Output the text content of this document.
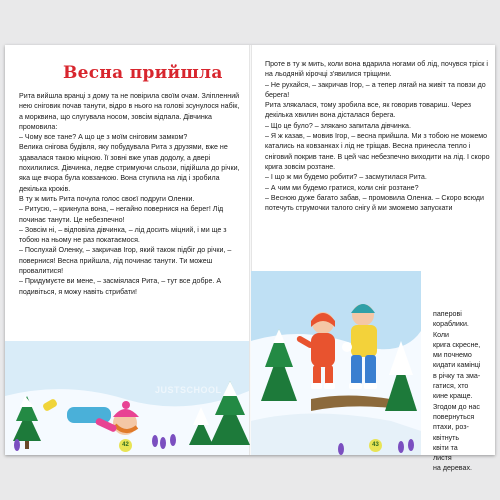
Весна прийшла

Рита вийшла вранці з дому та не повірила своїм очам. Зліпленний нею сніговик почав танути, відро в нього на голові зсунулося набік, а морквина, що слугувала носом, зовсім відпала. Дівчинка промовила:

– Чому все тане? А що це з моїм сніговим замком?

Велика снігова будівля, яку побудувала Рита з друзями, вже не здавалася такою міцною. Її зовні вже упав додолу, а двері похилилися. Дівчинка, ледве стримуючи сльози, підійшла до річки, яка ще вчора була ковзанкою. Вона ступила на лід і зробила декілька кроків.

В ту ж мить Рита почула голос своєї подруги Оленки.

– Ритусю, – крикнула вона, – негайно повернися на берег! Лід починає танути. Це небезпечно!

– Зовсім ні, – відповіла дівчинка, – лід досить міцний, і ми ще з тобою на ньому не раз покатаємося.

– Послухай Оленку, – закричав Ігор, який також підбіг до річки, – повернися! Весна прийшла, лід починає танути. Ти можеш провалитися!

– Придумуєте ви мене, – засміялася Рита, – тут все добре. А подивіться, я можу навіть стрибати!

42

Проте в ту ж мить, коли вона вдарила ногами об лід, почувся тріск і на льодяній кірочці з'явилися тріщини.

– Не рухайся, – закричав Ігор, – а тепер лягай на живіт та повзи до берега!

Рита злякалася, тому зробила все, як говорив товариш. Через декілька хвилин вона дісталася берега.

– Що це було? – злякано запитала дівчинка.

– Я ж казав, – мовив Ігор, – весна прийшла. Ми з тобою не можемо катались на ковзанках і лід не тріщав. Весна принесла тепло і сніговий покрив тане. В цей час небезпечно виходити на лід. І скоро крига зовсім розтане.

– І що ж ми будемо робити? – засмутилася Рита.

– А чим ми будемо гратися, коли сніг розтане?

– Весною дуже багато забав, – промовила Оленка. – Скоро всюди потечуть струмочки талого снігу й ми зможемо запускати

паперові

кораблики.

Коли

крига скресне,

ми почнемо

кидати камінці

в річку та зма-

гатися, хто

кине краще.

Згодом до нас

повернуться

птахи, роз-

квітнуть

квіти та

листя

на деревах.

43
JUSTSCHOOL
